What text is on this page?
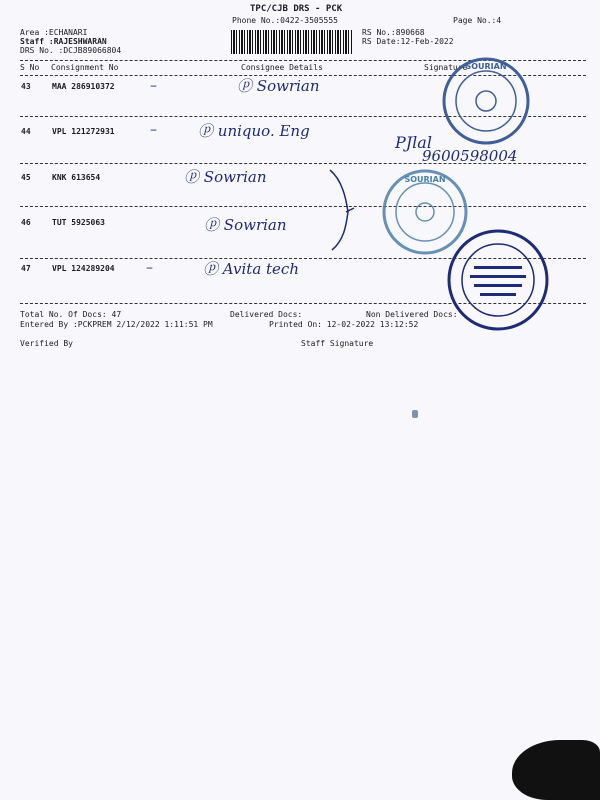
TPC/CJB DRS - PCK
Phone No.:0422-3505555	Page No.:4
Area :ECHANARI
Staff :RAJESHWARAN
DRS No. :DCJB89066804
RS No.:890668
RS Date:12-Feb-2022
S No Consignment No	Consignee Details	Signature
43	MAA 286910372	–	ⓟ Sowrian
44	VPL 121272931	–	ⓟ uniquo. Eng
PJlal
9600598004
45	KNK 613654	ⓟ Sowrian
46	TUT 5925063	ⓟ Sowrian
47	VPL 124289204 –	ⓟ Avita tech
Total No. Of Docs: 47	Delivered Docs:	Non Delivered Docs:
Entered By :PCKPREM 2/12/2022 1:11:51 PM	Printed On: 12-02-2022 13:12:52
Verified By	Staff Signature
SOURIAN
SOURIAN
